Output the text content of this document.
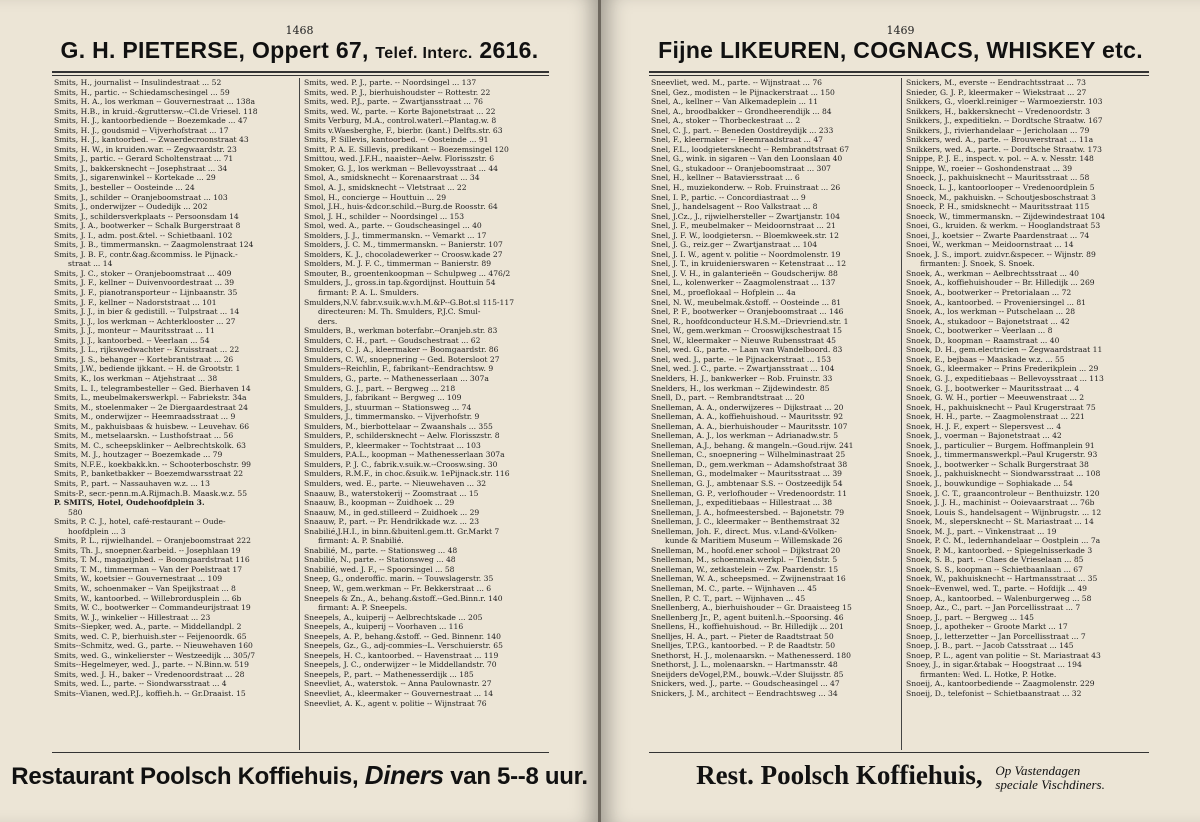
1468
G. H. PIETERSE, Oppert 67, Telef. Interc. 2616.
Smits, H., journalist -- Insulindestraat ... 52
Smits, H., partic. -- Schiedamschesingel ... 59
Smits, H. A., los werkman -- Gouvernestraat ... 138a
Smits, H.B., in kruid.-&gruttersw.--Cl.de Vriesel. 118
Smits, H. J., kantoorbediende -- Boezemkade ... 47
Smits, H. J., goudsmid -- Vijverhofstraat ... 17
Smits, H. J., kantoorbed. -- Zwaerdecroonstraat 43
Smits, H. W., in kruiden.war. -- Zegwaardstr. 23
Smits, J., partic. -- Gerard Scholtenstraat ... 71
Smits, J., bakkersknecht -- Josephstraat ... 34
Smits, J., sigarenwinkel -- Kortekade ... 29
Smits, J., besteller -- Oosteinde ... 24
Smits, J., schilder -- Oranjeboomstraat ... 103
Smits, J., onderwijzer -- Oudedijk ... 202
Smits, J., schildersverkplaats -- Persoonsdam 14
Smits, J. A., bootwerker -- Schalk Burgerstraat 8
Smits, J. I., adm. post.&tel. -- Schietbaanl. 102
Smits, J. B., timmermanskn. -- Zaagmolenstraat 124
Smits, J. B. F., contr.&ag.&commiss. le Pijnack.-
straat ... 14
Smits, J. C., stoker -- Oranjeboomstraat ... 409
Smits, J. F., kellner -- Duivenvoordestraat ... 39
Smits, J. F., pianotransporteur -- Lijnbaanstr. 35
Smits, J. F., kellner -- Nadorststraat ... 101
Smits, J. J., in bier & gedistill. -- Tulpstraat ... 14
Smits, J. J., los werkman -- Achterklooster ... 27
Smits, J. J., monteur -- Mauritsstraat ... 11
Smits, J. J., kantoorbed. -- Veerlaan ... 54
Smits, J. L., rijkswedwachter -- Kruisstraat ... 22
Smits, J. S., behanger -- Kortebrantstraat ... 26
Smits, J.W., bediende ijkkant. -- H. de Grootstr. 1
Smits, K., los werkman -- Atjehstraat ... 38
Smits, L. I., telegrambesteller -- Ged. Bierhaven 14
Smits, L., meubelmakerswerkpl. -- Fabriekstr. 34a
Smits, M., stoelenmaker -- 2e Diergaardestraat 24
Smits, M., onderwijzer -- Heemraadsstraat ... 9
Smits, M., pakhuisbaas & huisbew. -- Leuvehav. 66
Smits, M., metselaarskn. -- Lusthofstraat ... 56
Smits, M. C., scheepsklinker -- Aelbrechtskolk. 63
Smits, M. J., houtzager -- Boezemkade ... 79
Smits, N.F.E., koekbakk.kn. -- Schooterboschstr. 99
Smits, P., banketbakker -- Boezemdwarsstraat 22
Smits, P., part. -- Nassauhaven w.z. ... 13
Smits-P., secr.-penn.m.A.Rijmach.B. Maask.w.z. 55
P. SMITS, Hotel, Oudehoofdplein 3.
580
Smits, P. C. J., hotel, café-restaurant -- Oude-
hoofdplein ... 3
Smits, P. L., rijwielhandel. -- Oranjeboomstraat 222
Smits, Th. J., snoepner.&arbeid. -- Josephlaan 19
Smits, T. M., magazijnbed. -- Boomgaardstraat 116
Smits, T. M., timmerman -- Van der Poelstraat 17
Smits, W., koetsier -- Gouvernestraat ... 109
Smits, W., schoenmaker -- Van Speijkstraat ... 8
Smits, W., kantoorbed. -- Willebrordusplein ... 6b
Smits, W. C., bootwerker -- Commandeurijstraat 19
Smits, W. J., winkelier -- Hillestraat ... 23
Smits--Siepker, wed. A., parte. -- Middellandpl. 2
Smits, wed. C. P., bierhuish.ster -- Feijenoordk. 65
Smits--Schmitz, wed. G., parte. -- Nieuwehaven 160
Smits, wed. G., winkelierster -- Westzeedijk ... 305/7
Smits--Hegelmeyer, wed. J., parte. -- N.Binn.w. 519
Smits, wed. J. H., baker -- Vredenoordstraat ... 28
Smits, wed. L., parte. -- Siondwarsstraat ... 4
Smits--Vianen, wed.P.J., koffieh.h. -- Gr.Draaist. 15
Smits, wed. P. J., parte. -- Noordsingel ... 137
Smits, wed. P. J., bierhuishoudster -- Rottestr. 22
Smits, wed. P.J., parte. -- Zwartjansstraat ... 76
Smits, wed. W., parte. -- Korte Bajonetstraat ... 22
Smits Verburg, M.A., control.waterl.--Plantag.w. 8
Smits v.Waesberghe, F., bierbr. (kant.) Delfts.str. 63
Smits, P. Sillevis, kantoorbed. -- Oosteinde ... 91
Smitt, P. A. E. Sillevis, predikant -- Boezemsingel 120
Smittou, wed. J.F.H., naaister--Aelw. Florisszstr. 6
Smoker, G. J., los werkman -- Bellevoysstraat ... 44
Smol, A., smidsknecht -- Korenaarstraat ... 34
Smol, A. J., smidsknecht -- Vletstraat ... 22
Smol, H., concierge -- Houttuin ... 29
Smol, J.H., huis-&dcor.schild.--Burg.de Roosstr. 64
Smol, J. H., schilder -- Noordsingel ... 153
Smol, wed. A., parte. -- Goudscheasingel ... 40
Smolders, J. J., timmermanskn. -- Vemarkt ... 17
Smolders, J. C. M., timmermanskn. -- Banierstr. 107
Smolders, K. J., chocoladewerker -- Croosw.kade 27
Smolders, M. J. F. C., timmerman -- Banierstr. 89
Smouter, B., groentenkoopman -- Schulpweg ... 476/2
Smulders, J., gross.in tap.&gordijnst. Houttuin 54
firmant: P. A. L. Smulders.
Smulders,N.V. fabr.v.suik.w.v.h.M.&P--G.Bot.sl 115-117
directeuren: M. Th. Smulders, P.J.C. Smul-
ders.
Smulders, B., werkman boterfabr.--Oranjeb.str. 83
Smulders, C. H., part. -- Goudschestraat ... 62
Smulders, C. J. A., kleermaker -- Boomgaardstr. 86
Smulders, C. W., snoepnering -- Ged. Botersloot 27
Smulders--Reichlin, F., fabrikant--Eendrachtsw. 9
Smulders, G., parte. -- Mathenesserlaan ... 307a
Smulders, G. J., part. -- Bergweg ... 218
Smulders, J., fabrikant -- Bergweg ... 109
Smulders, J., stuurman -- Stationsweg ... 74
Smulders, J., timmermansko. -- Vijverhofstr. 9
Smulders, M., bierbottelaar -- Zwaanshals ... 355
Smulders, P., schildersknecht -- Aelw. Florisszstr. 8
Smulders, P., kleermaker -- Tochtstraat ... 103
Smulders, P.A.L., koopman -- Mathenesserlaan 307a
Smulders, P. J. C., fabrik.v.suik.w.--Croosw.sing. 30
Smulders, R.M.F., in choc.&suik.w. 1ePijnack.str. 116
Smulders, wed. E., parte. -- Nieuwehaven ... 32
Snaauw, B., waterstokerij -- Zoomstraat ... 15
Snaauw, B., koopman -- Zuidhoek ... 29
Snaauw, M., in ged.stilleerd -- Zuidhoek ... 29
Snaauw, P., part. -- Pr. Hendrikkade w.z. ... 23
Snabilié,J.H.I., in binn.&buitenl.gem.tt. Gr.Markt 7
firmant: A. P. Snabilié.
Snabilié, M., parte. -- Stationsweg ... 48
Snabilié, N., parte. -- Stationsweg ... 48
Snabilié, wed. J. F., -- Spoorsingel ... 58
Sneep, G., onderoffic. marin. -- Touwslagerstr. 35
Sneep, W., gem.werkman -- Fr. Bekkerstraat ... 6
Sneepels & Zn., A., behang.&stoff.--Ged.Binn.r. 140
firmant: A. P. Sneepels.
Sneepels, A., kuiperij -- Aelbrechtskade ... 205
Sneepels, A., kuiperij -- Voorhaven ... 116
Sneepels, A. P., behang.&stoff. -- Ged. Binnenr. 140
Sneepels, Gz., G., adj-commies--L. Verschuierstr. 65
Sneepels, H. C., kantoorbed. -- Havenstraat ... 119
Sneepels, J. C., onderwijzer -- le Middellandstr. 70
Sneepels, P., part. -- Mathenesserdijk ... 185
Sneevliet, A., waterstok. -- Anna Paulownastr. 27
Sneevliet, A., kleermaker -- Gouvernestraat ... 14
Sneevliet, A. K., agent v. politie -- Wijnstraat 76
Restaurant Poolsch Koffiehuis, Diners van 5--8 uur.
1469
Fijne LIKEUREN, COGNACS, WHISKEY etc.
Sneevliet, wed. M., parte. -- Wijnstraat ... 76
Snel, Gez., modisten -- le Pijnackerstraat ... 150
Snel, A., kellner -- Van Alkemadeplein ... 11
Snel, A., broodbakker -- Grondheerendijk ... 84
Snel, A., stoker -- Thorbeckestraat ... 2
Snel, C. J., part. -- Beneden Oostdreydijk ... 233
Snel, F., kleermaker -- Heemraadstraat ... 47
Snel, F.L., loodgietersknecht -- Rembrandtstraat 67
Snel, G., wink. in sigaren -- Van den Loonslaan 40
Snel, G., stukadoor -- Oranjeboomstraat ... 307
Snel, H., kellner -- Bataviersstraat ... 6
Snel, H., muziekonderw. -- Rob. Fruinstraat ... 26
Snel, I. P., partic. -- Concordiastraat ... 9
Snel, J., handelsagent -- Roo Valkstraat ... 8
Snel, J.Cz., J., rijwielhersteller -- Zwartjanstr. 104
Snel, J. F., meubelmaker -- Meidoornstraat ... 21
Snel, J. F. W., loodgietersn. -- Bloemkweek.str. 12
Snel, J. G., reiz.ger -- Zwartjanstraat ... 104
Snel, J. I. W., agent v. politie -- Noordmolenstr. 19
Snel, J. T., in kruidenierswaren -- Ketenstraat ... 12
Snel, J. V. H., in galanterieën -- Goudscherijw. 88
Snel, L., kolenwerker -- Zaagmolenstraat ... 137
Snel, M., proeflokaal -- Hofplein ... 4a
Snel, N. W., meubelmak.&stoff. -- Oosteinde ... 81
Snel, P. F., bootwerker -- Oranjeboomstraat ... 146
Snel, R., hoofdconducteur H.S.M.--Drievriend.str. 1
Snel, W., gem.werkman -- Crooswijkschestraat 15
Snel, W., kleermaker -- Nieuwe Rubensstraat 45
Snel, wed. G., parte. -- Laan van Wandelboord. 83
Snel, wed. J., parte. -- le Pijnackerstraat ... 153
Snel, wed. J. C., parte. -- Zwartjansstraat ... 104
Snelders, H. J., bankwerker -- Rob. Fruinstr. 33
Snelders, H., los werkman -- Zijdewindestr. 85
Snell, D., part. -- Rembrandtstraat ... 20
Snelleman, A. A., onderwijzeres -- Dijkstraat ... 20
Snelleman, A. A., koffiehuishoud. -- Mauritsstr. 92
Snelleman, A. A., bierhuishouder -- Mauritsstr. 107
Snelleman, A. J., los werkman -- Adrianadw.str. 5
Snelleman, A.J., behang. & mangeln.--Goud.rijw. 241
Snelleman, C., snoepnering -- Wilhelminastraat 25
Snelleman, D., gem.werkman -- Adamshofstraat 38
Snelleman, G., modelmaker -- Mauritsstraat ... 39
Snelleman, G. J., ambtenaar S.S. -- Oostzeedijk 54
Snelleman, G. P., verlofhouder -- Vredenoordstr. 11
Snelleman, J., expeditiebaas -- Hillestraat ... 38
Snelleman, J. A., hofmeestersbed. -- Bajonetstr. 79
Snelleman, J. C., kleermaker -- Benthemstraat 32
Snelleman, Joh. F., direct. Mus. v.Land-&Volken-
kunde & Maritiem Museum -- Willemskade 26
Snelleman, M., hoofd.ener school -- Dijkstraat 20
Snelleman, M., schoenmak.werkpl. -- Tiendstr. 5
Snelleman, W., zetkastelein -- Zw. Paardenstr. 15
Snelleman, W. A., scheepsmed. -- Zwijnenstraat 16
Snelleman, M. C., parte. -- Wijnhaven ... 45
Snellen, P. C. T., part. -- Wijnhaven ... 45
Snellenberg, A., bierhuishouder -- Gr. Draaisteeg 15
Snellenberg Jr., P., agent buitenl.h.--Spoorsing. 46
Snellens, H., koffiehuishoud. -- Br. Hilledijk ... 201
Snelljes, H. A., part. -- Pieter de Raadtstraat 50
Snelljes, T.P.G., kantoorbed. -- P. de Raadtstr. 50
Snethorst, H. J., molenaarskn. -- Mathenesserd. 180
Snethorst, J. L., molenaarskn. -- Hartmansstr. 48
Sneijders deVogel,P.M., bouwk.--V.der Sluijsstr. 85
Snickers, wed. J., parte. -- Goudscheasingel ... 47
Snickers, J. M., architect -- Eendrachtsweg ... 34
Snickers, M., everste -- Eendrachtsstraat ... 73
Snieder, G. J. P., kleermaker -- Wiekstraat ... 27
Snikkers, G., vloerkl.reiniger -- Warmoezierstr. 103
Snikkers, H., bakkersknecht -- Vredenoordstr. 3
Snikkers, J., expeditiekn. -- Dordtsche Straatw. 167
Snikkers, J., rivierhandelaar -- Jericholaan ... 79
Snikkers, wed. A., parte. -- Brouwerstraat ... 11a
Snikkers, wed. A., parte. -- Dordtsche Straatw. 173
Snippe, P. J. E., inspect. v. pol. -- A. v. Nesstr. 148
Snippe, W., roeier -- Goshondenstraat ... 39
Snoeck, J., pakhuisknecht -- Mauritsstraat ... 58
Snoeck, L. J., kantoorlooper -- Vredenoordplein 5
Snoeck, M., pakhuiskn. -- Schoutjesboschstraat 3
Snoeck, P. H., smidsknecht -- Mauritsstraat 115
Snoeck, W., timmermanskn. -- Zijdewindestraat 104
Snoei, G., kruiden. & werkm. -- Hooglandstraat 53
Snoei, J., koetsier -- Zwarte Paardenstraat ... 74
Snoei, W., werkman -- Meidoornstraat ... 14
Snoek, J. S., import. zuidvr.&specer. -- Wijnstr. 89
firmanten: J. Snoek, S. Snoek.
Snoek, A., werkman -- Aelbrechtsstraat ... 40
Snoek, A., koffiehuishouder -- Br. Hilledijk ... 269
Snoek, A., bootwerker -- Pretorialaan ... 72
Snoek, A., kantoorbed. -- Proveniersingel ... 81
Snoek, A., los werkman -- Putschelaan ... 28
Snoek, A., stukadoor -- Bajonetstraat ... 42
Snoek, C., bootwerker -- Veerlaan ... 8
Snoek, D., koopman -- Raamstraat ... 40
Snoek, D. H., gem.electricien -- Zegwaardstraat 11
Snoek, E., bejbaas -- Maaskade w.z. ... 55
Snoek, G., kleermaker -- Prins Frederikplein ... 29
Snoek, G. J., expeditiebaas -- Bellevoysstraat ... 113
Snoek, G. J., bootwerker -- Mauritsstraat ... 4
Snoek, G. W. H., portier -- Meeuwenstraat ... 2
Snoek, H., pakhuisknecht -- Paul Krugerstraat 75
Snoek, H. H., parte. -- Zaagmolenstraat ... 221
Snoek, H. J. F., expert -- Slepersvest ... 4
Snoek, J., voerman -- Bajonetstraat ... 42
Snoek, J., particulier -- Burgem. Hoffmanplein 91
Snoek, J., timmermanswerkpl.--Paul Krugerstr. 93
Snoek, J., bootwerker -- Schalk Burgerstraat 38
Snoek, J., pakhuisknecht -- Siondwarsstraat ... 108
Snoek, J., bouwkundige -- Sophiakade ... 54
Snoek, J. C. T., graancontroleur -- Benthuizstr. 120
Snoek, J. J. H., machinist -- Ooievaarstraat ... 76b
Snoek, Louis S., handelsagent -- Wijnbrugstr. ... 12
Snoek, M., slepersknecht -- St. Mariastraat ... 14
Snoek, M. J., part. -- Vinkenstraat ... 19
Snoek, P. C. M., ledernhandelaar -- Oostplein ... 7a
Snoek, P. M., kantoorbed. -- Spiegelnisserkade 3
Snoek, S. B., part. -- Claes de Vrieselaan ... 85
Snoek, S. S., koopman -- Schietbaanlaan ... 67
Snoek, W., pakhuisknecht -- Hartmansstraat ... 35
Snoek--Evenwel, wed. T., parte. -- Hofdijk ... 49
Snoep, A., kantoorbed. -- Walenburgerweg ... 58
Snoep, Az., C., part. -- Jan Porcellisstraat ... 7
Snoep, J., part. -- Bergweg ... 145
Snoep, J., apotheker -- Groote Markt ... 17
Snoep, J., letterzetter -- Jan Porcellisstraat ... 7
Snoep, J. B., part. -- Jacob Catsstraat ... 145
Snoep, P. L., agent van politie -- St. Mariastraat 43
Snoey, J., in sigar.&tabak -- Hoogstraat ... 194
firmanten: Wed. L. Hotke, P. Hotke.
Snoeij, A., kantoorbediende -- Zaagmolenstr. 229
Snoeij, D., telefonist -- Schietbaanstraat ... 32
Rest. Poolsch Koffiehuis, Op Vastendagen
speciale Vischdiners.
